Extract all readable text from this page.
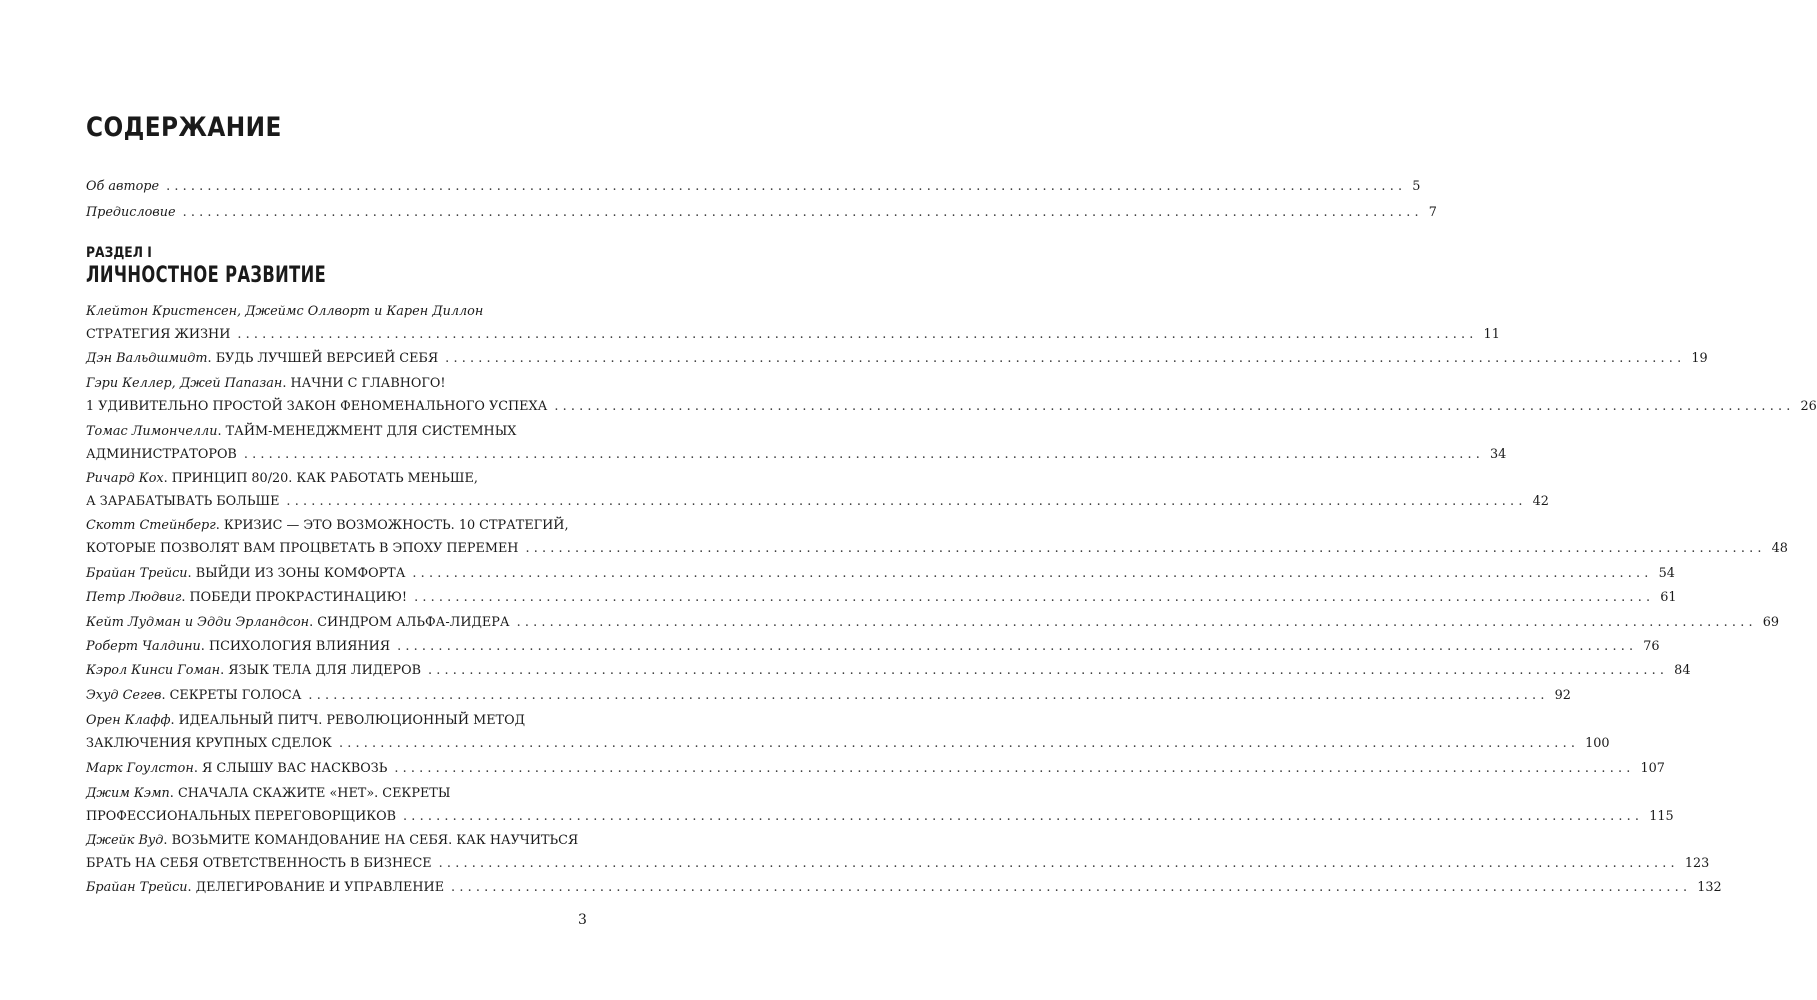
СОДЕРЖАНИЕ
Об авторе ...................................................................................................................................................... 5
Предисловие ...................................................................................................................................................... 7
РАЗДЕЛ I
ЛИЧНОСТНОЕ РАЗВИТИЕ
Клейтон Кристенсен, Джеймс Оллворт и Карен Диллон
СТРАТЕГИЯ ЖИЗНИ ...................................................................................................................................................... 11
Дэн Вальдшмидт. БУДЬ ЛУЧШЕЙ ВЕРСИЕЙ СЕБЯ ...................................................................................................................................................... 19
Гэри Келлер, Джей Папазан. НАЧНИ С ГЛАВНОГО!
1 УДИВИТЕЛЬНО ПРОСТОЙ ЗАКОН ФЕНОМЕНАЛЬНОГО УСПЕХА ...................................................................................................................................................... 26
Томас Лимончелли. ТАЙМ-МЕНЕДЖМЕНТ ДЛЯ СИСТЕМНЫХ
АДМИНИСТРАТОРОВ ...................................................................................................................................................... 34
Ричард Кох. ПРИНЦИП 80/20. КАК РАБОТАТЬ МЕНЬШЕ,
А ЗАРАБАТЫВАТЬ БОЛЬШЕ ...................................................................................................................................................... 42
Скотт Стейнберг. КРИЗИС — ЭТО ВОЗМОЖНОСТЬ. 10 СТРАТЕГИЙ,
КОТОРЫЕ ПОЗВОЛЯТ ВАМ ПРОЦВЕТАТЬ В ЭПОХУ ПЕРЕМЕН ...................................................................................................................................................... 48
Брайан Трейси. ВЫЙДИ ИЗ ЗОНЫ КОМФОРТА ...................................................................................................................................................... 54
Петр Людвиг. ПОБЕДИ ПРОКРАСТИНАЦИЮ! ...................................................................................................................................................... 61
Кейт Лудман и Эдди Эрландсон. СИНДРОМ АЛЬФА-ЛИДЕРА ...................................................................................................................................................... 69
Роберт Чалдини. ПСИХОЛОГИЯ ВЛИЯНИЯ ...................................................................................................................................................... 76
Кэрол Кинси Гоман. ЯЗЫК ТЕЛА ДЛЯ ЛИДЕРОВ ...................................................................................................................................................... 84
Эхуд Сегев. СЕКРЕТЫ ГОЛОСА ...................................................................................................................................................... 92
Орен Клафф. ИДЕАЛЬНЫЙ ПИТЧ. РЕВОЛЮЦИОННЫЙ МЕТОД
ЗАКЛЮЧЕНИЯ КРУПНЫХ СДЕЛОК ...................................................................................................................................................... 100
Марк Гоулстон. Я СЛЫШУ ВАС НАСКВОЗЬ ...................................................................................................................................................... 107
Джим Кэмп. СНАЧАЛА СКАЖИТЕ «НЕТ». СЕКРЕТЫ
ПРОФЕССИОНАЛЬНЫХ ПЕРЕГОВОРЩИКОВ ...................................................................................................................................................... 115
Джейк Вуд. ВОЗЬМИТЕ КОМАНДОВАНИЕ НА СЕБЯ. КАК НАУЧИТЬСЯ
БРАТЬ НА СЕБЯ ОТВЕТСТВЕННОСТЬ В БИЗНЕСЕ ...................................................................................................................................................... 123
Брайан Трейси. ДЕЛЕГИРОВАНИЕ И УПРАВЛЕНИЕ ...................................................................................................................................................... 132
3
